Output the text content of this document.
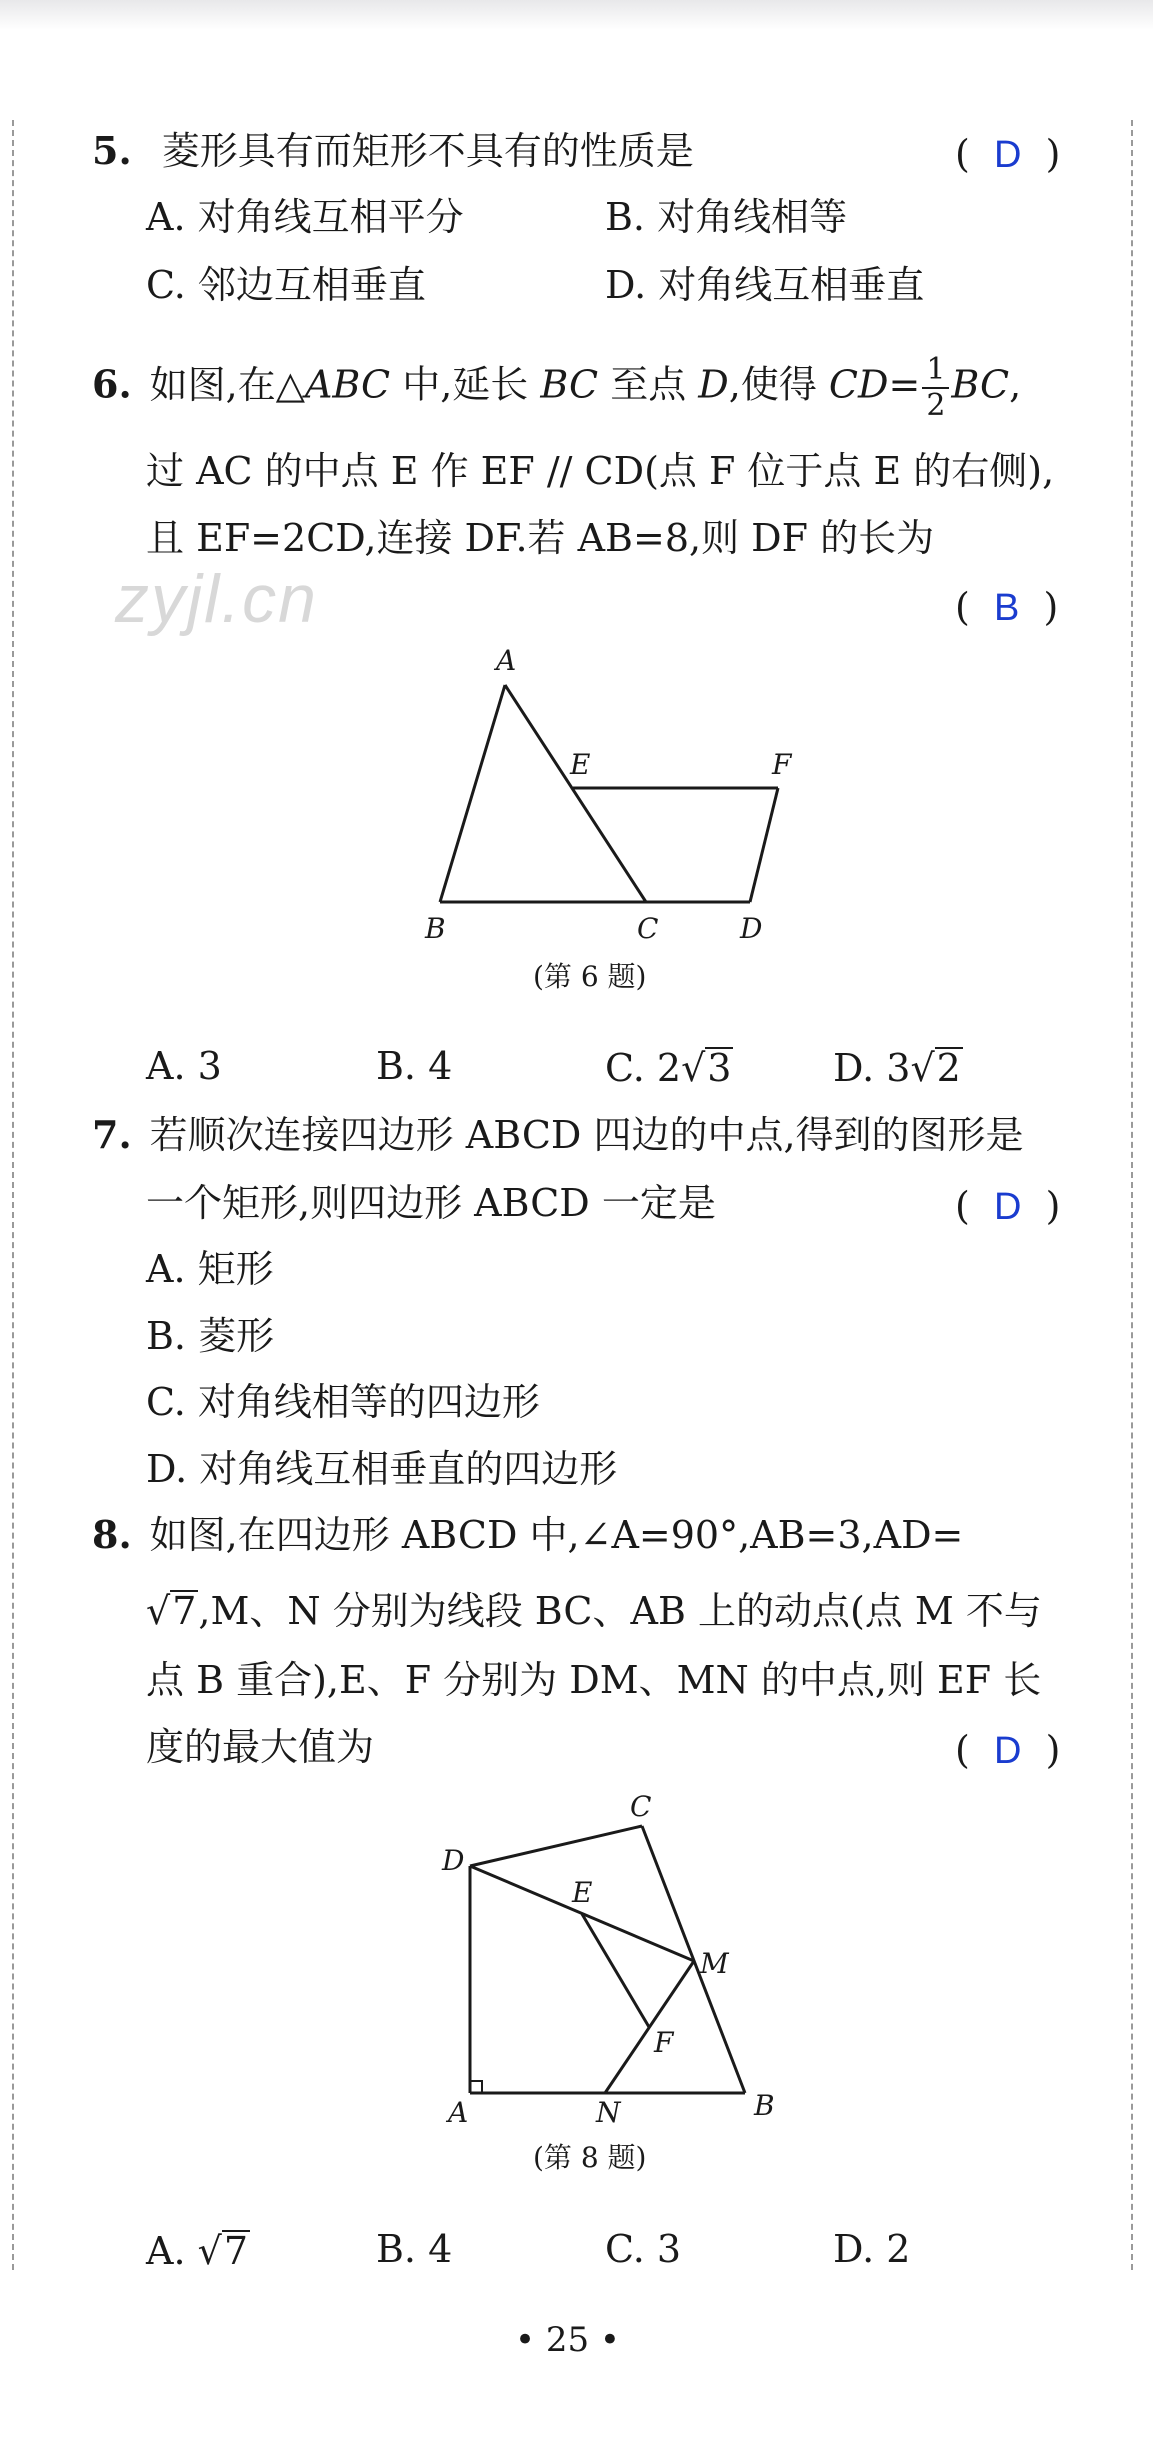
5. 菱形具有而矩形不具有的性质是	(  D  )
A. 对角线互相平分	B. 对角线相等
C. 邻边互相垂直	D. 对角线互相垂直
6. 如图,在△ABC 中,延长 BC 至点 D,使得 $CD= \frac{1}{2}$ BC,
过 AC 的中点 E 作 EF // CD(点 F 位于点 E 的右侧),
且 EF=2CD,连接 DF.若 AB=8,则 DF 的长为
zyjl.cn	(  B  )
A
B	C	D
E	F
(第 6 题)
A. 3	B. 4	C. 2√3	D. 3√2
7. 若顺次连接四边形 ABCD 四边的中点,得到的图形是
一个矩形,则四边形 ABCD 一定是	(  D  )
A. 矩形
B. 菱形
C. 对角线相等的四边形
D. 对角线互相垂直的四边形
8. 如图,在四边形 ABCD 中,∠A=90°,AB=3,AD=
√7,M、N 分别为线段 BC、AB 上的动点(点 M 不与
点 B 重合),E、F 分别为 DM、MN 的中点,则 EF 长
度的最大值为	(  D  )
C
D
E
M
F
A	N	B
(第 8 题)
A. √7	B. 4	C. 3	D. 2
• 25 •
